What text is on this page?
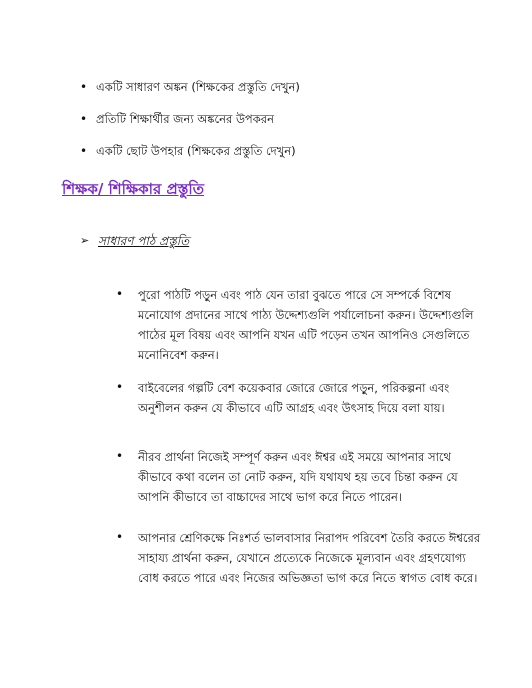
• একটি সাধারণ অঙ্কন (শিক্ষকের প্রস্তুতি দেখুন)
• প্রতিটি শিক্ষার্থীর জন্য অঙ্কনের উপকরন
• একটি ছোট উপহার (শিক্ষকের প্রস্তুতি দেখুন)
শিক্ষক/ শিক্ষিকার প্রস্তুতি
➢ সাধারণ পাঠ প্রস্তুতি
•	পুরো পাঠটি পড়ুন এবং পাঠ যেন তারা বুঝতে পারে সে সম্পর্কে বিশেষ মনোযোগ প্রদানের সাথে পাঠ্য উদ্দেশ্যগুলি পর্যালোচনা করুন। উদ্দেশ্যগুলি পাঠের মূল বিষয় এবং আপনি যখন এটি পড়েন তখন আপনিও সেগুলিতে মনোনিবেশ করুন।
•	বাইবেলের গল্পটি বেশ কয়েকবার জোরে জোরে পড়ুন, পরিকল্পনা এবং অনুশীলন করুন যে কীভাবে এটি আগ্রহ এবং উৎসাহ দিয়ে বলা যায়।
•	নীরব প্রার্থনা নিজেই সম্পূর্ণ করুন এবং ঈশ্বর এই সময়ে আপনার সাথে কীভাবে কথা বলেন তা নোট করুন, যদি যথাযথ হয় তবে চিন্তা করুন যে আপনি কীভাবে তা বাচ্চাদের সাথে ভাগ করে নিতে পারেন।
•	আপনার শ্রেণিকক্ষে নিঃশর্ত ভালবাসার নিরাপদ পরিবেশ তৈরি করতে ঈশ্বরের সাহায্য প্রার্থনা করুন, যেখানে প্রত্যেকে নিজেকে মূল্যবান এবং গ্রহণযোগ্য বোধ করতে পারে এবং নিজের অভিজ্ঞতা ভাগ করে নিতে স্বাগত বোধ করে।
